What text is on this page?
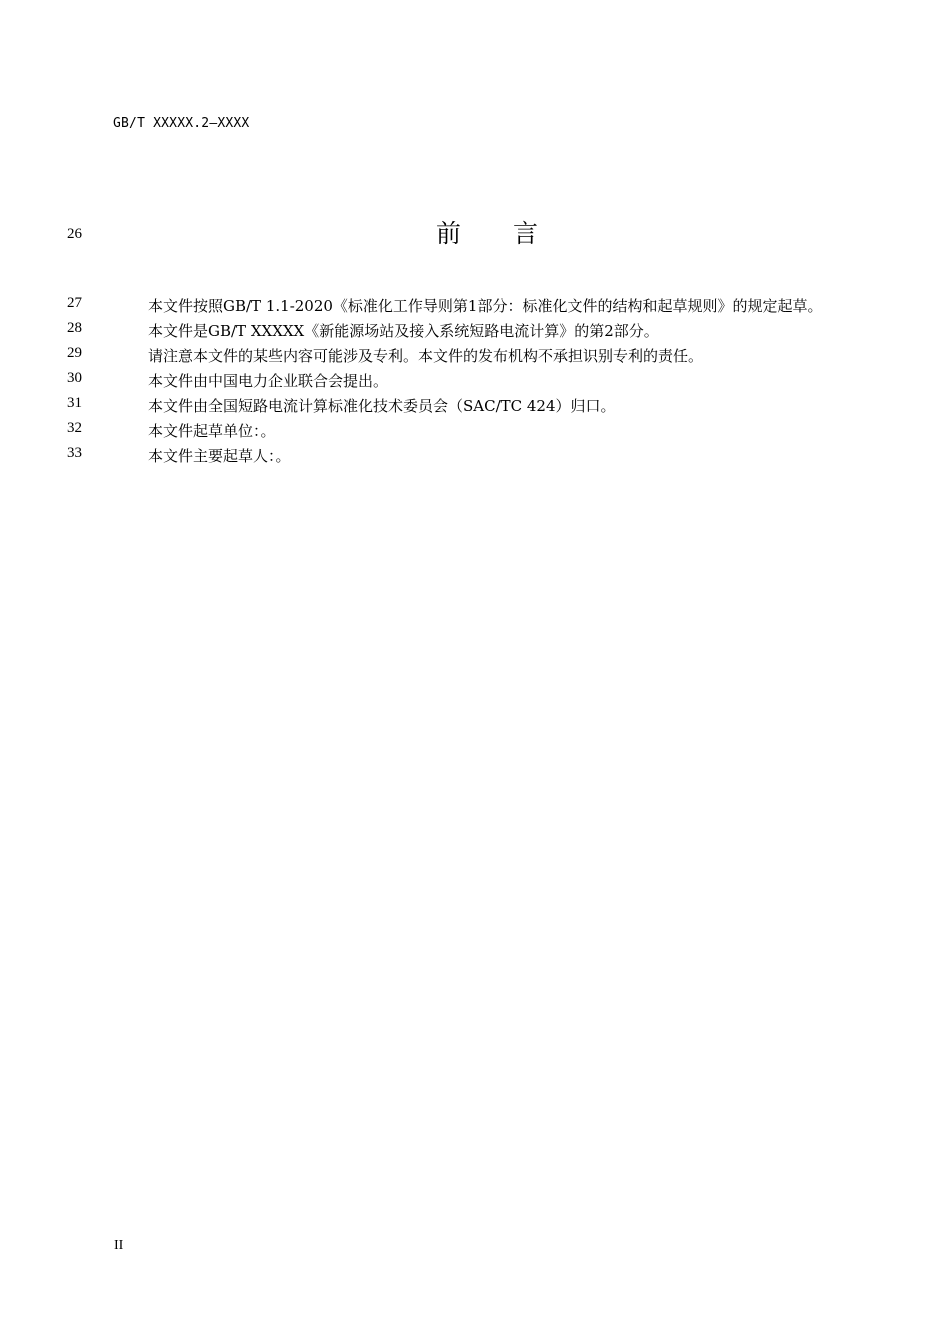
GB/T XXXXX.2—XXXX
26	前 言
27	本文件按照GB/T 1.1-2020《标准化工作导则第1部分：标准化文件的结构和起草规则》的规定起草。
28	本文件是GB/T XXXXX《新能源场站及接入系统短路电流计算》的第2部分。
29	请注意本文件的某些内容可能涉及专利。本文件的发布机构不承担识别专利的责任。
30	本文件由中国电力企业联合会提出。
31	本文件由全国短路电流计算标准化技术委员会（SAC/TC 424）归口。
32	本文件起草单位：。
33	本文件主要起草人：。
II
